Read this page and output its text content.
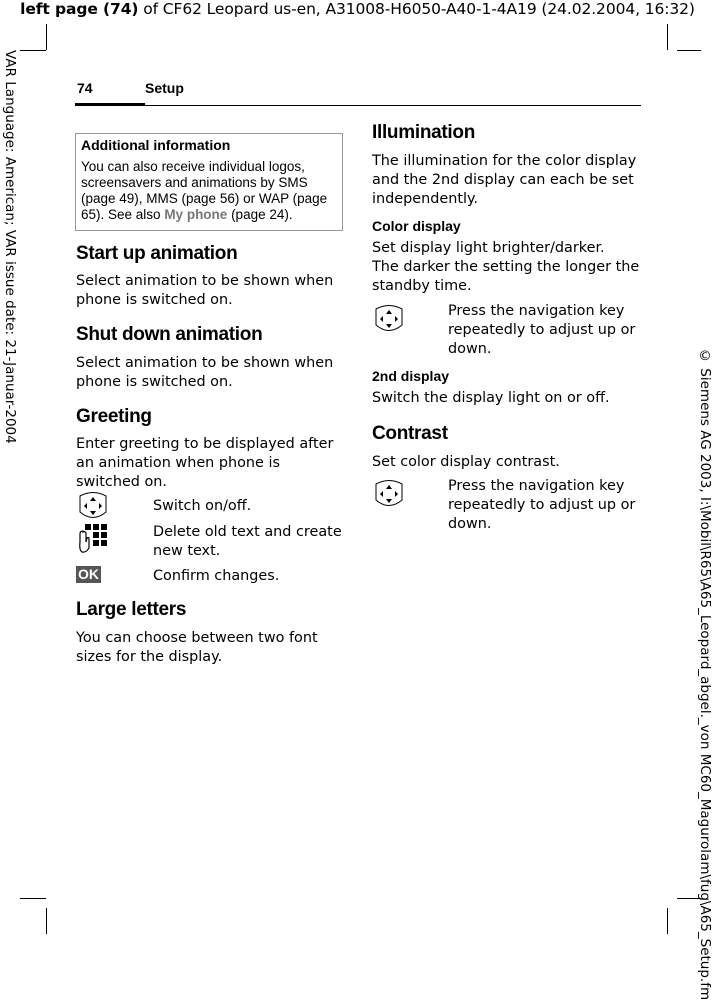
left page (74) of CF62 Leopard us-en, A31008-H6050-A40-1-4A19 (24.02.2004, 16:32)
VAR Language: American; VAR issue date: 21-Januar-2004
© Siemens AG 2003, I:\Mobil\R65\A65_Leopard_abgel._von MC60_Magurolam\fug\A65_Setup.fm
74	Setup
Additional information
You can also receive individual logos, screensavers and animations by SMS (page 49), MMS (page 56) or WAP (page 65). See also My phone (page 24).
Start up animation

Select animation to be shown when phone is switched on.

Shut down animation

Select animation to be shown when phone is switched on.

Greeting

Enter greeting to be displayed after an animation when phone is switched on.

Switch on/off.
Delete old text and create new text.
OK	Confirm changes.
Large letters

You can choose between two font sizes for the display.

Illumination

The illumination for the color display and the 2nd display can each be set independently.

Color display

Set display light brighter/darker.

The darker the setting the longer the standby time.

Press the navigation key repeatedly to adjust up or down.

2nd display

Switch the display light on or off.

Contrast

Set color display contrast.

Press the navigation key repeatedly to adjust up or down.
